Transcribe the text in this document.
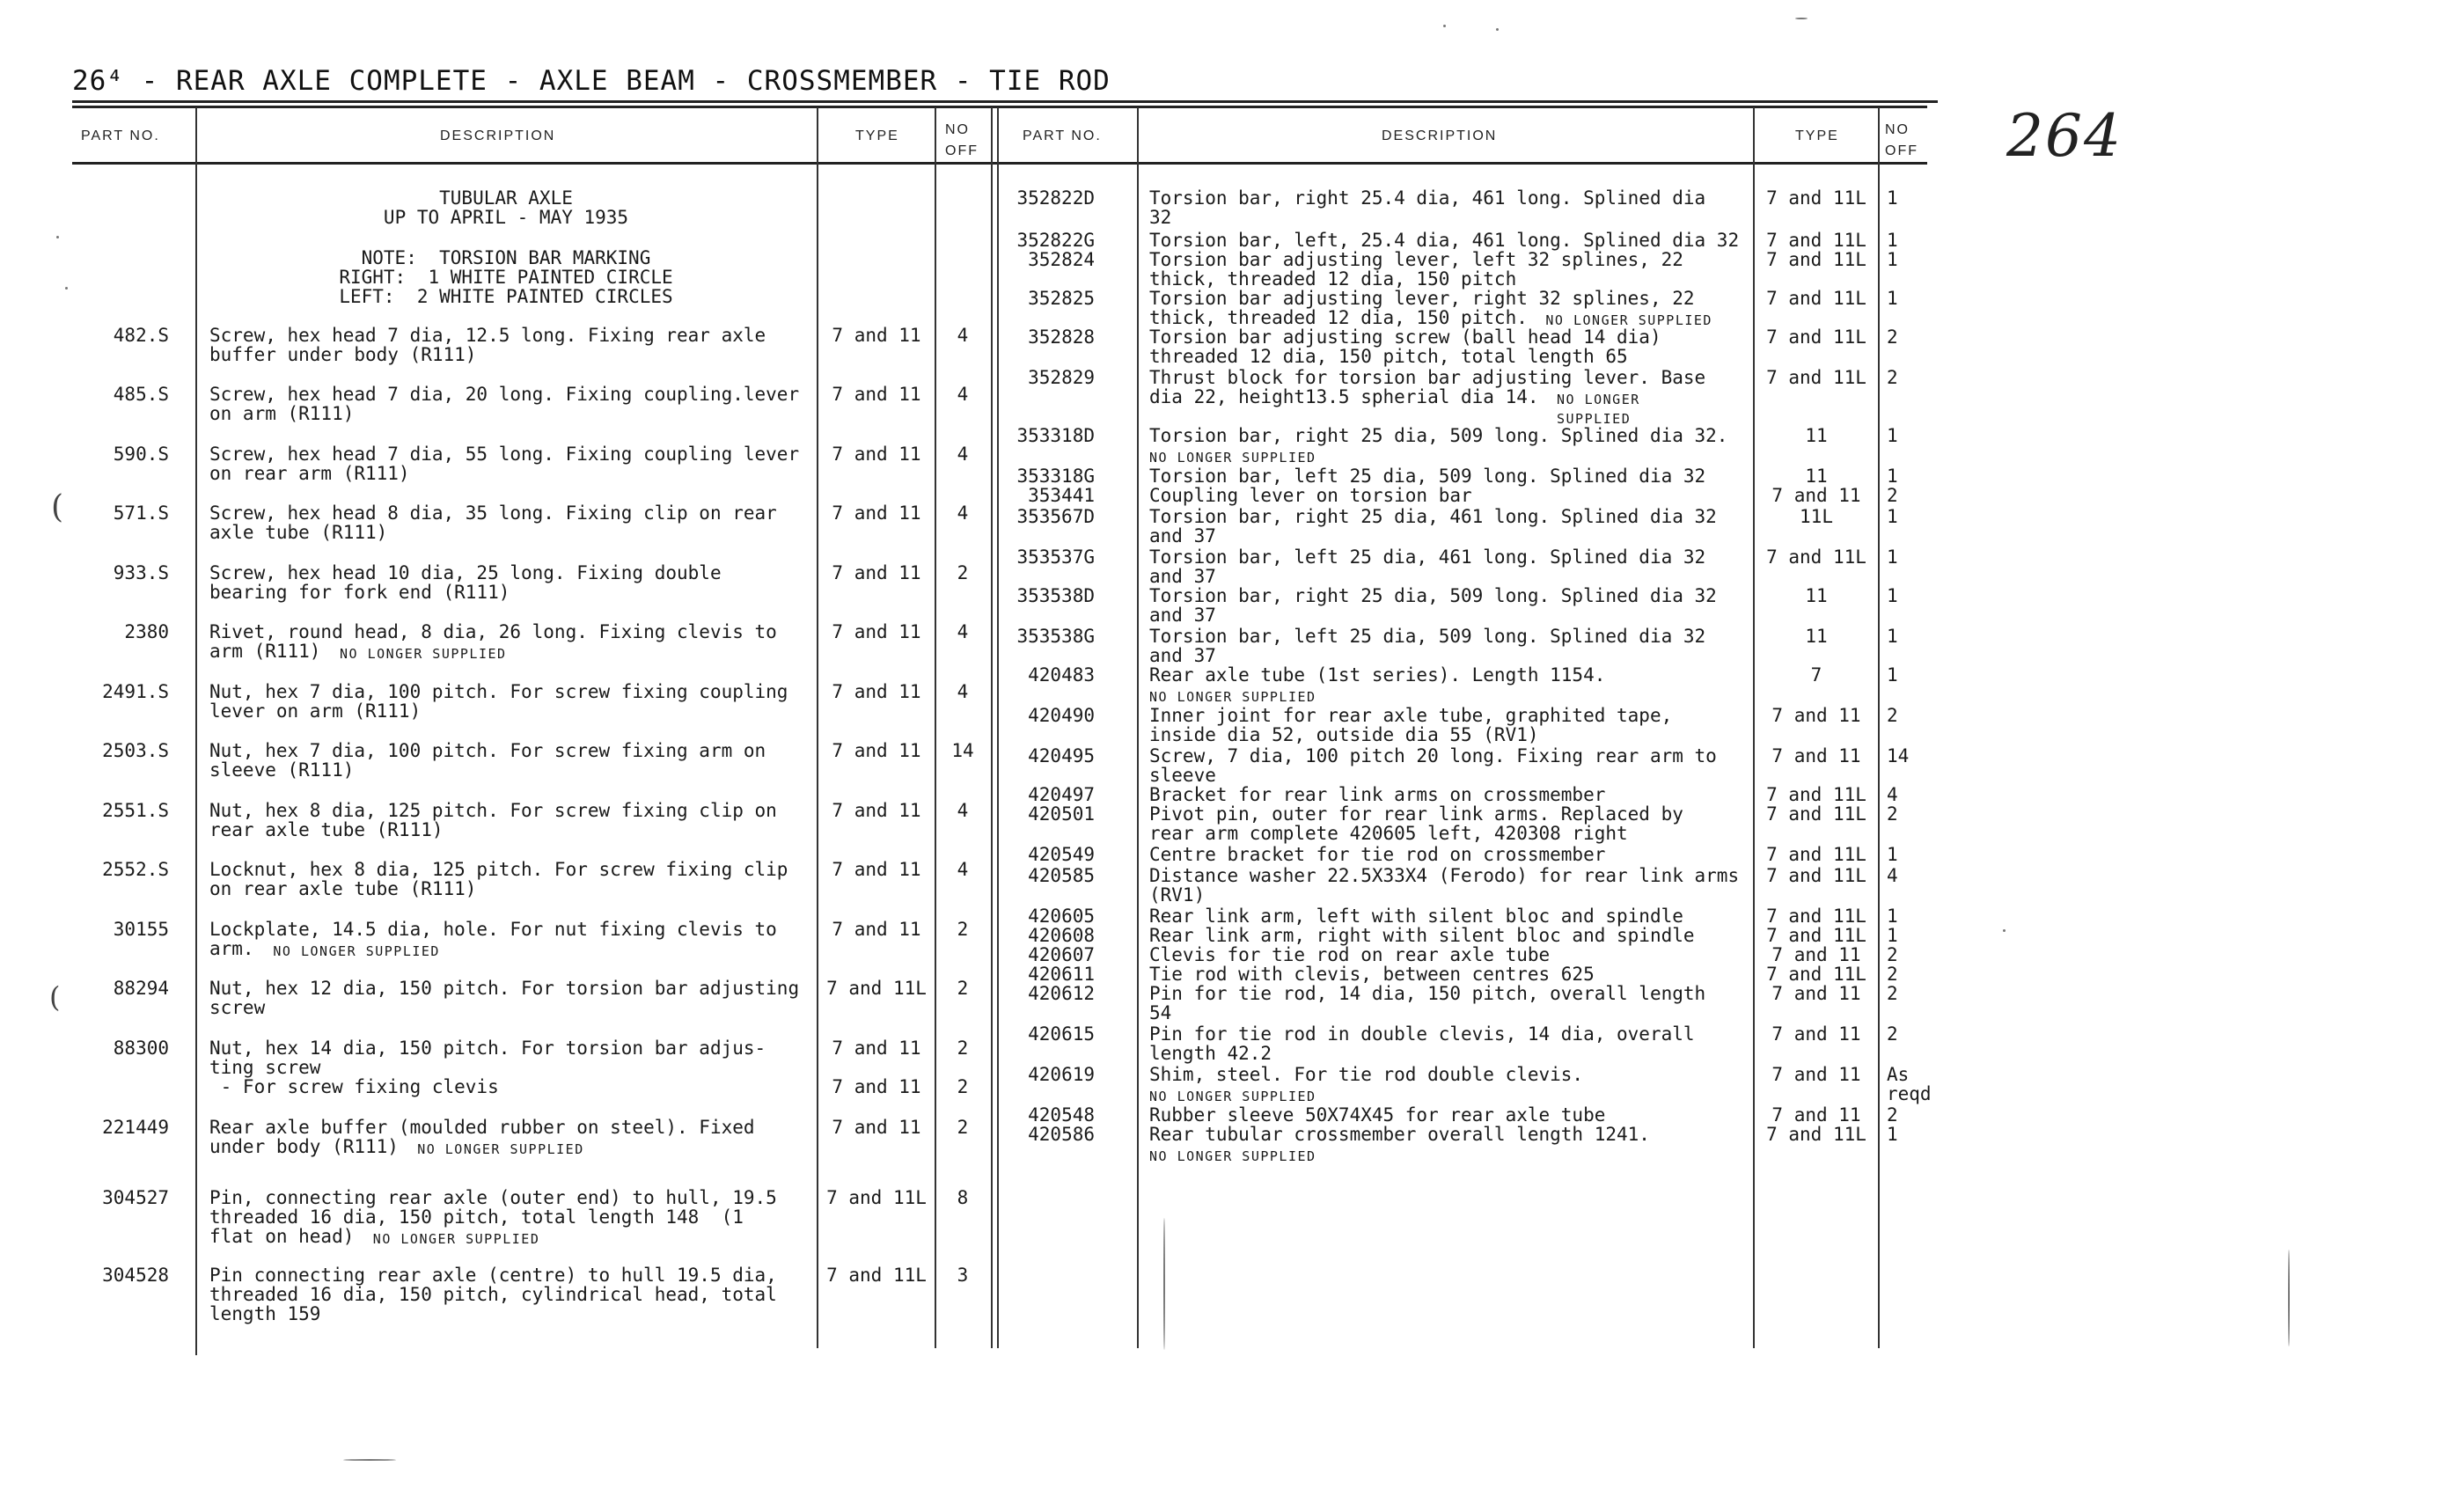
26⁴ - REAR AXLE COMPLETE - AXLE BEAM - CROSSMEMBER - TIE ROD
264
PART NO.	DESCRIPTION	TYPE	NO
OFF
PART NO.	DESCRIPTION	TYPE	NO
OFF
TUBULAR AXLE
UP TO APRIL - MAY 1935
NOTE:  TORSION BAR MARKING
RIGHT:  1 WHITE PAINTED CIRCLE
LEFT:  2 WHITE PAINTED CIRCLES
482.S Screw, hex head 7 dia, 12.5 long. Fixing rear axle
buffer under body (R111)
7 and 11	4
485.S Screw, hex head 7 dia, 20 long. Fixing coupling.lever
on arm (R111)
7 and 11	4
590.S Screw, hex head 7 dia, 55 long. Fixing coupling lever
on rear arm (R111)
7 and 11	4
571.S Screw, hex head 8 dia, 35 long. Fixing clip on rear
axle tube (R111)
7 and 11	4
933.S Screw, hex head 10 dia, 25 long. Fixing double
bearing for fork end (R111)
7 and 11	2
2380 Rivet, round head, 8 dia, 26 long. Fixing clevis to
arm (R111)	NO LONGER SUPPLIED
7 and 11	4
2491.S Nut, hex 7 dia, 100 pitch. For screw fixing coupling
lever on arm (R111)
7 and 11	4
2503.S Nut, hex 7 dia, 100 pitch. For screw fixing arm on
sleeve (R111)
7 and 11	14
2551.S Nut, hex 8 dia, 125 pitch. For screw fixing clip on
rear axle tube (R111)
7 and 11	4
2552.S Locknut, hex 8 dia, 125 pitch. For screw fixing clip
on rear axle tube (R111)
7 and 11	4
30155 Lockplate, 14.5 dia, hole. For nut fixing clevis to
arm.	NO LONGER SUPPLIED
7 and 11	2
88294 Nut, hex 12 dia, 150 pitch. For torsion bar adjusting
screw
7 and 11L	2
88300 Nut, hex 14 dia, 150 pitch. For torsion bar adjus-
ting screw
7 and 11	2
- For screw fixing clevis	7 and 11	2
221449 Rear axle buffer (moulded rubber on steel). Fixed
under body (R111)	NO LONGER SUPPLIED
7 and 11	2
304527 Pin, connecting rear axle (outer end) to hull, 19.5
threaded 16 dia, 150 pitch, total length 148  (1
flat on head)	NO LONGER SUPPLIED
7 and 11L	8
304528 Pin connecting rear axle (centre) to hull 19.5 dia,
threaded 16 dia, 150 pitch, cylindrical head, total
length 159
7 and 11L	3
352822D	Torsion bar, right 25.4 dia, 461 long. Splined dia
32
7 and 11L	1
352822G	Torsion bar, left, 25.4 dia, 461 long. Splined dia 32	7 and 11L	1
352824	Torsion bar adjusting lever, left 32 splines, 22
thick, threaded 12 dia, 150 pitch
7 and 11L	1
352825	Torsion bar adjusting lever, right 32 splines, 22
thick, threaded 12 dia, 150 pitch.	NO LONGER SUPPLIED
7 and 11L	1
352828	Torsion bar adjusting screw (ball head 14 dia)
threaded 12 dia, 150 pitch, total length 65
7 and 11L	2
352829	Thrust block for torsion bar adjusting lever. Base
dia 22, height13.5 spherial dia 14.	NO LONGER
SUPPLIED
7 and 11L	2
353318D	Torsion bar, right 25 dia, 509 long. Splined dia 32.
NO LONGER SUPPLIED
11	1
353318G	Torsion bar, left 25 dia, 509 long. Splined dia 32	11	1
353441	Coupling lever on torsion bar	7 and 11	2
353567D	Torsion bar, right 25 dia, 461 long. Splined dia 32
and 37
11L	1
353537G	Torsion bar, left 25 dia, 461 long. Splined dia 32
and 37
7 and 11L	1
353538D	Torsion bar, right 25 dia, 509 long. Splined dia 32
and 37
11	1
353538G	Torsion bar, left 25 dia, 509 long. Splined dia 32
and 37
11	1
420483	Rear axle tube (1st series). Length 1154.
NO LONGER SUPPLIED
7	1
420490	Inner joint for rear axle tube, graphited tape,
inside dia 52, outside dia 55 (RV1)
7 and 11	2
420495	Screw, 7 dia, 100 pitch 20 long. Fixing rear arm to
sleeve
7 and 11	14
420497	Bracket for rear link arms on crossmember	7 and 11L	4
420501	Pivot pin, outer for rear link arms. Replaced by
rear arm complete 420605 left, 420308 right
7 and 11L	2
420549	Centre bracket for tie rod on crossmember	7 and 11L	1
420585	Distance washer 22.5X33X4 (Ferodo) for rear link arms
(RV1)
7 and 11L	4
420605	Rear link arm, left with silent bloc and spindle	7 and 11L	1
420608	Rear link arm, right with silent bloc and spindle	7 and 11L	1
420607	Clevis for tie rod on rear axle tube	7 and 11	2
420611	Tie rod with clevis, between centres 625	7 and 11L	2
420612	Pin for tie rod, 14 dia, 150 pitch, overall length
54
7 and 11	2
420615	Pin for tie rod in double clevis, 14 dia, overall
length 42.2
7 and 11	2
420619	Shim, steel. For tie rod double clevis.
NO LONGER SUPPLIED
7 and 11	As
reqd
420548	Rubber sleeve 50X74X45 for rear axle tube	7 and 11	2
420586	Rear tubular crossmember overall length 1241.
NO LONGER SUPPLIED
7 and 11L	1
(
(
